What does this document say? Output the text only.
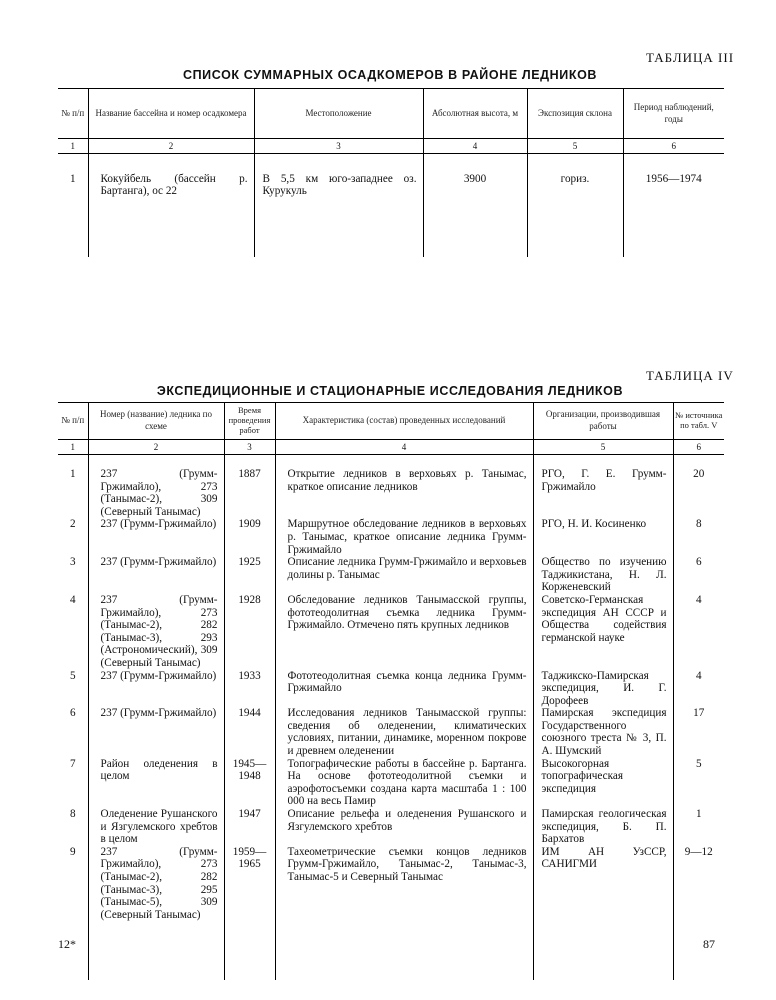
ТАБЛИЦА III
СПИСОК СУММАРНЫХ ОСАДКОМЕРОВ В РАЙОНЕ ЛЕДНИКОВ
№ п/п	Название бассейна и номер осадкомера	Местоположение	Абсолютная высота, м	Экспозиция склона	Период наблюдений, годы
1	2	3	4	5	6
1	Кокуйбель (бассейн р. Бартанга), ос 22	В 5,5 км юго-западнее оз. Курукуль	3900	гориз.	1956—1974
ТАБЛИЦА IV
ЭКСПЕДИЦИОННЫЕ И СТАЦИОНАРНЫЕ ИССЛЕДОВАНИЯ ЛЕДНИКОВ
№ п/п	Номер (название) ледника по схеме	Время проведения работ	Характеристика (состав) проведенных исследований	Организации, производившая работы	№ источника по табл. V
1	2	3	4	5	6

1	237 (Грумм-Гржимайло), 273 (Танымас-2), 309 (Северный Танымас)	1887	Открытие ледников в верховьях р. Танымас, краткое описание ледников	РГО, Г. Е. Грумм-Гржимайло	20
2	237 (Грумм-Гржимайло)	1909	Маршрутное обследование ледников в верховьях р. Танымас, краткое описание ледника Грумм-Гржимайло	РГО, Н. И. Косиненко	8
3	237 (Грумм-Гржимайло)	1925	Описание ледника Грумм-Гржимайло и верховьев долины р. Танымас	Общество по изучению Таджикистана, Н. Л. Корженевский	6
4	237 (Грумм-Гржимайло), 273 (Танымас-2), 282 (Танымас-3), 293 (Астрономический), 309 (Северный Танымас)	1928	Обследование ледников Танымасской группы, фототеодолитная съемка ледника Грумм-Гржимайло. Отмечено пять крупных ледников	Советско-Германская экспедиция АН СССР и Общества содействия германской науке	4
5	237 (Грумм-Гржимайло)	1933	Фототеодолитная съемка конца ледника Грумм-Гржимайло	Таджикско-Памирская экспедиция, И. Г. Дорофеев	4
6	237 (Грумм-Гржимайло)	1944	Исследования ледников Танымасской группы: сведения об оледенении, климатических условиях, питании, динамике, моренном покрове и древнем оледенении	Памирская экспедиция Государственного союзного треста № 3, П. А. Шумский	17
7	Район оледенения в целом	1945—1948	Топографические работы в бассейне р. Бартанга. На основе фототеодолитной съемки и аэрофотосъемки создана карта масштаба 1 : 100 000 на весь Памир	Высокогорная топографическая экспедиция	5
8	Оледенение Рушанского и Язгулемского хребтов в целом	1947	Описание рельефа и оледенения Рушанского и Язгулемского хребтов	Памирская геологическая экспедиция, Б. П. Бархатов	1
9	237 (Грумм-Гржимайло), 273 (Танымас-2), 282 (Танымас-3), 295 (Танымас-5), 309 (Северный Танымас)	1959—1965	Тахеометрические съемки концов ледников Грумм-Гржимайло, Танымас-2, Танымас-3, Танымас-5 и Северный Танымас	ИМ АН УзССР, САНИГМИ	9—12
12*	87
